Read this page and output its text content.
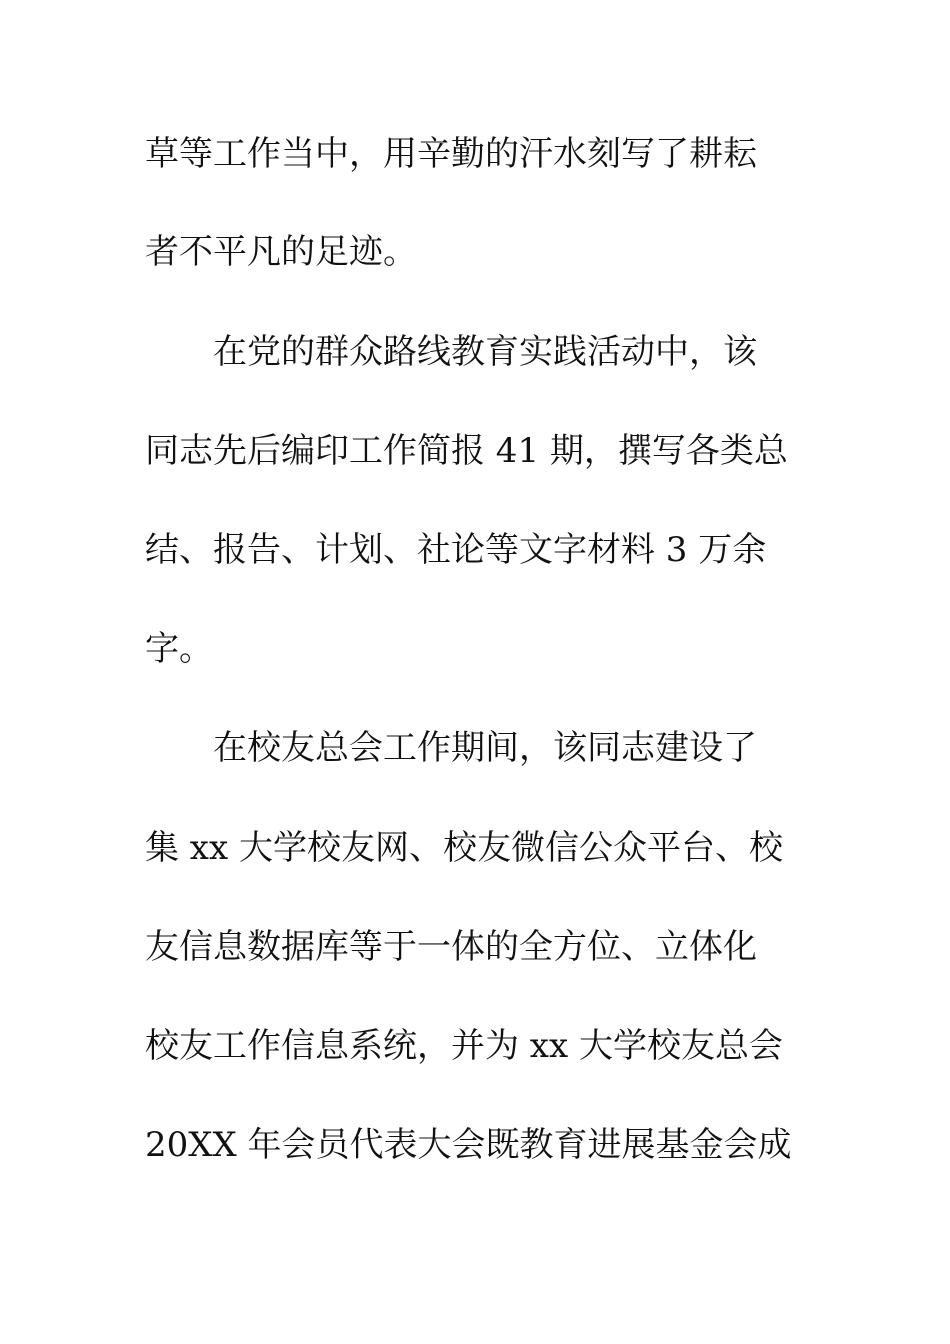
草等工作当中，用辛勤的汗水刻写了耕耘
者不平凡的足迹。
在党的群众路线教育实践活动中，该
同志先后编印工作简报 41 期，撰写各类总
结、报告、计划、社论等文字材料 3 万余
字。
在校友总会工作期间，该同志建设了
集 xx 大学校友网、校友微信公众平台、校
友信息数据库等于一体的全方位、立体化
校友工作信息系统，并为 xx 大学校友总会
20XX 年会员代表大会既教育进展基金会成
